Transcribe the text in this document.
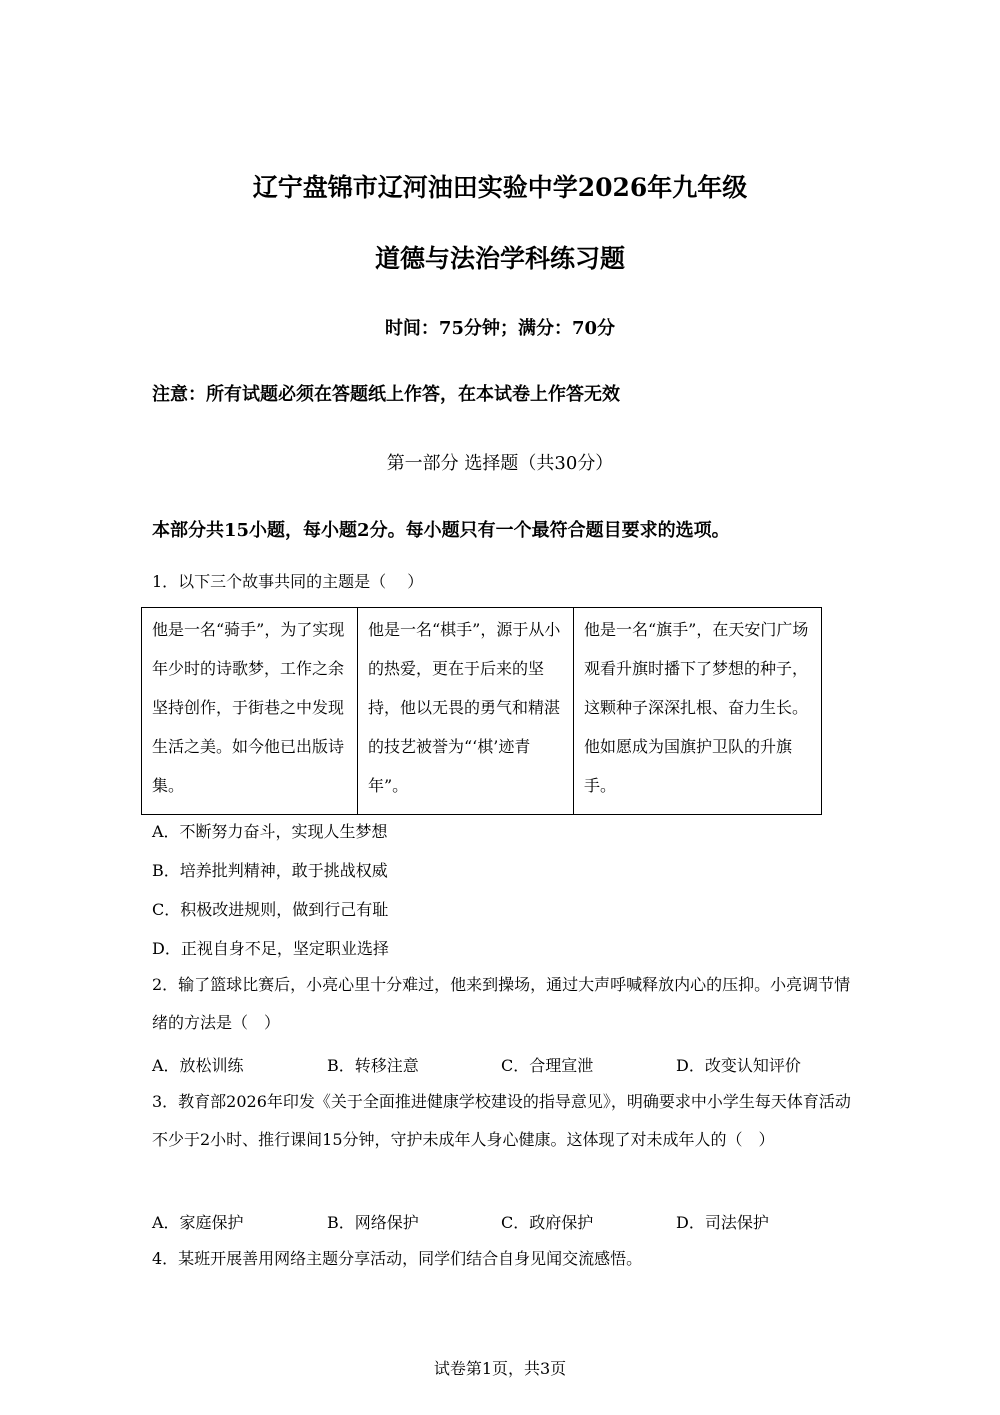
辽宁盘锦市辽河油田实验中学2026年九年级
道德与法治学科练习题
时间：75分钟；满分：70分
注意：所有试题必须在答题纸上作答，在本试卷上作答无效
第一部分 选择题（共30分）
本部分共15小题，每小题2分。每小题只有一个最符合题目要求的选项。
1．以下三个故事共同的主题是（　 ）
他是一名“骑手”，为了实现年少时的诗歌梦，工作之余坚持创作，于街巷之中发现生活之美。如今他已出版诗集。	他是一名“棋手”，源于从小的热爱，更在于后来的坚持，他以无畏的勇气和精湛的技艺被誉为“‘棋’迹青年”。	他是一名“旗手”，在天安门广场观看升旗时播下了梦想的种子，这颗种子深深扎根、奋力生长。他如愿成为国旗护卫队的升旗手。
A．不断努力奋斗，实现人生梦想
B．培养批判精神，敢于挑战权威
C．积极改进规则，做到行己有耻
D．正视自身不足，坚定职业选择
2．输了篮球比赛后，小亮心里十分难过，他来到操场，通过大声呼喊释放内心的压抑。小亮调节情绪的方法是（　）
A．放松训练	B．转移注意	C．合理宣泄	D．改变认知评价
3．教育部2026年印发《关于全面推进健康学校建设的指导意见》，明确要求中小学生每天体育活动不少于2小时、推行课间15分钟，守护未成年人身心健康。这体现了对未成年人的（　）
A．家庭保护	B．网络保护	C．政府保护	D．司法保护
4．某班开展善用网络主题分享活动，同学们结合自身见闻交流感悟。
试卷第1页，共3页
